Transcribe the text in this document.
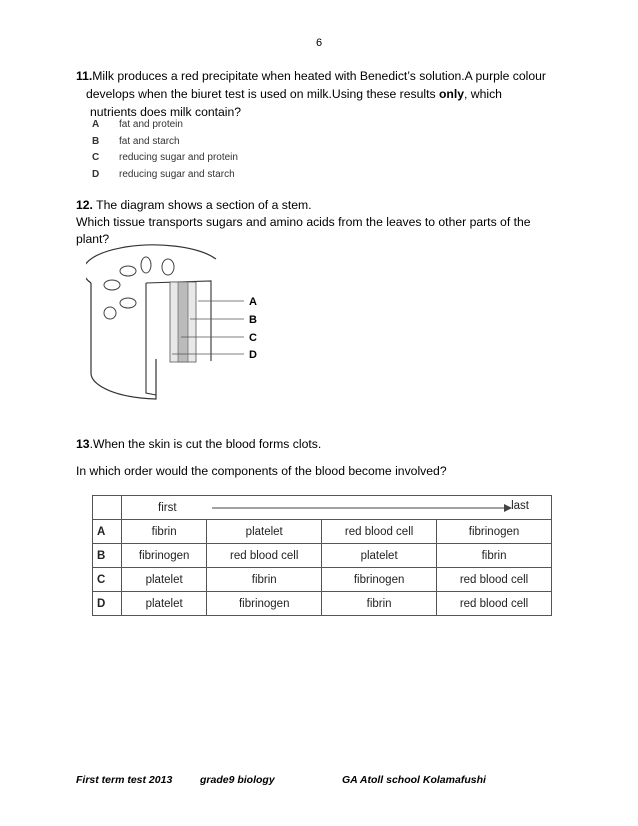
6
11.Milk produces a red precipitate when heated with Benedict’s solution.A purple colour
develops when the biuret test is used on milk.Using these results only, which
nutrients does milk contain?
A fat and protein
B fat and starch
C reducing sugar and protein
D reducing sugar and starch
12. The diagram shows a section of a stem.
Which tissue transports sugars and amino acids from the leaves to other parts of the
plant?
A
B
C
D
13.When the skin is cut the blood forms clots.
In which order would the components of the blood become involved?
	first last			

A	fibrin	platelet	red blood cell	fibrinogen
B	fibrinogen	red blood cell	platelet	fibrin
C	platelet	fibrin	fibrinogen	red blood cell
D	platelet	fibrinogen	fibrin	red blood cell
First term test 2013	grade9 biology	GA Atoll school Kolamafushi
